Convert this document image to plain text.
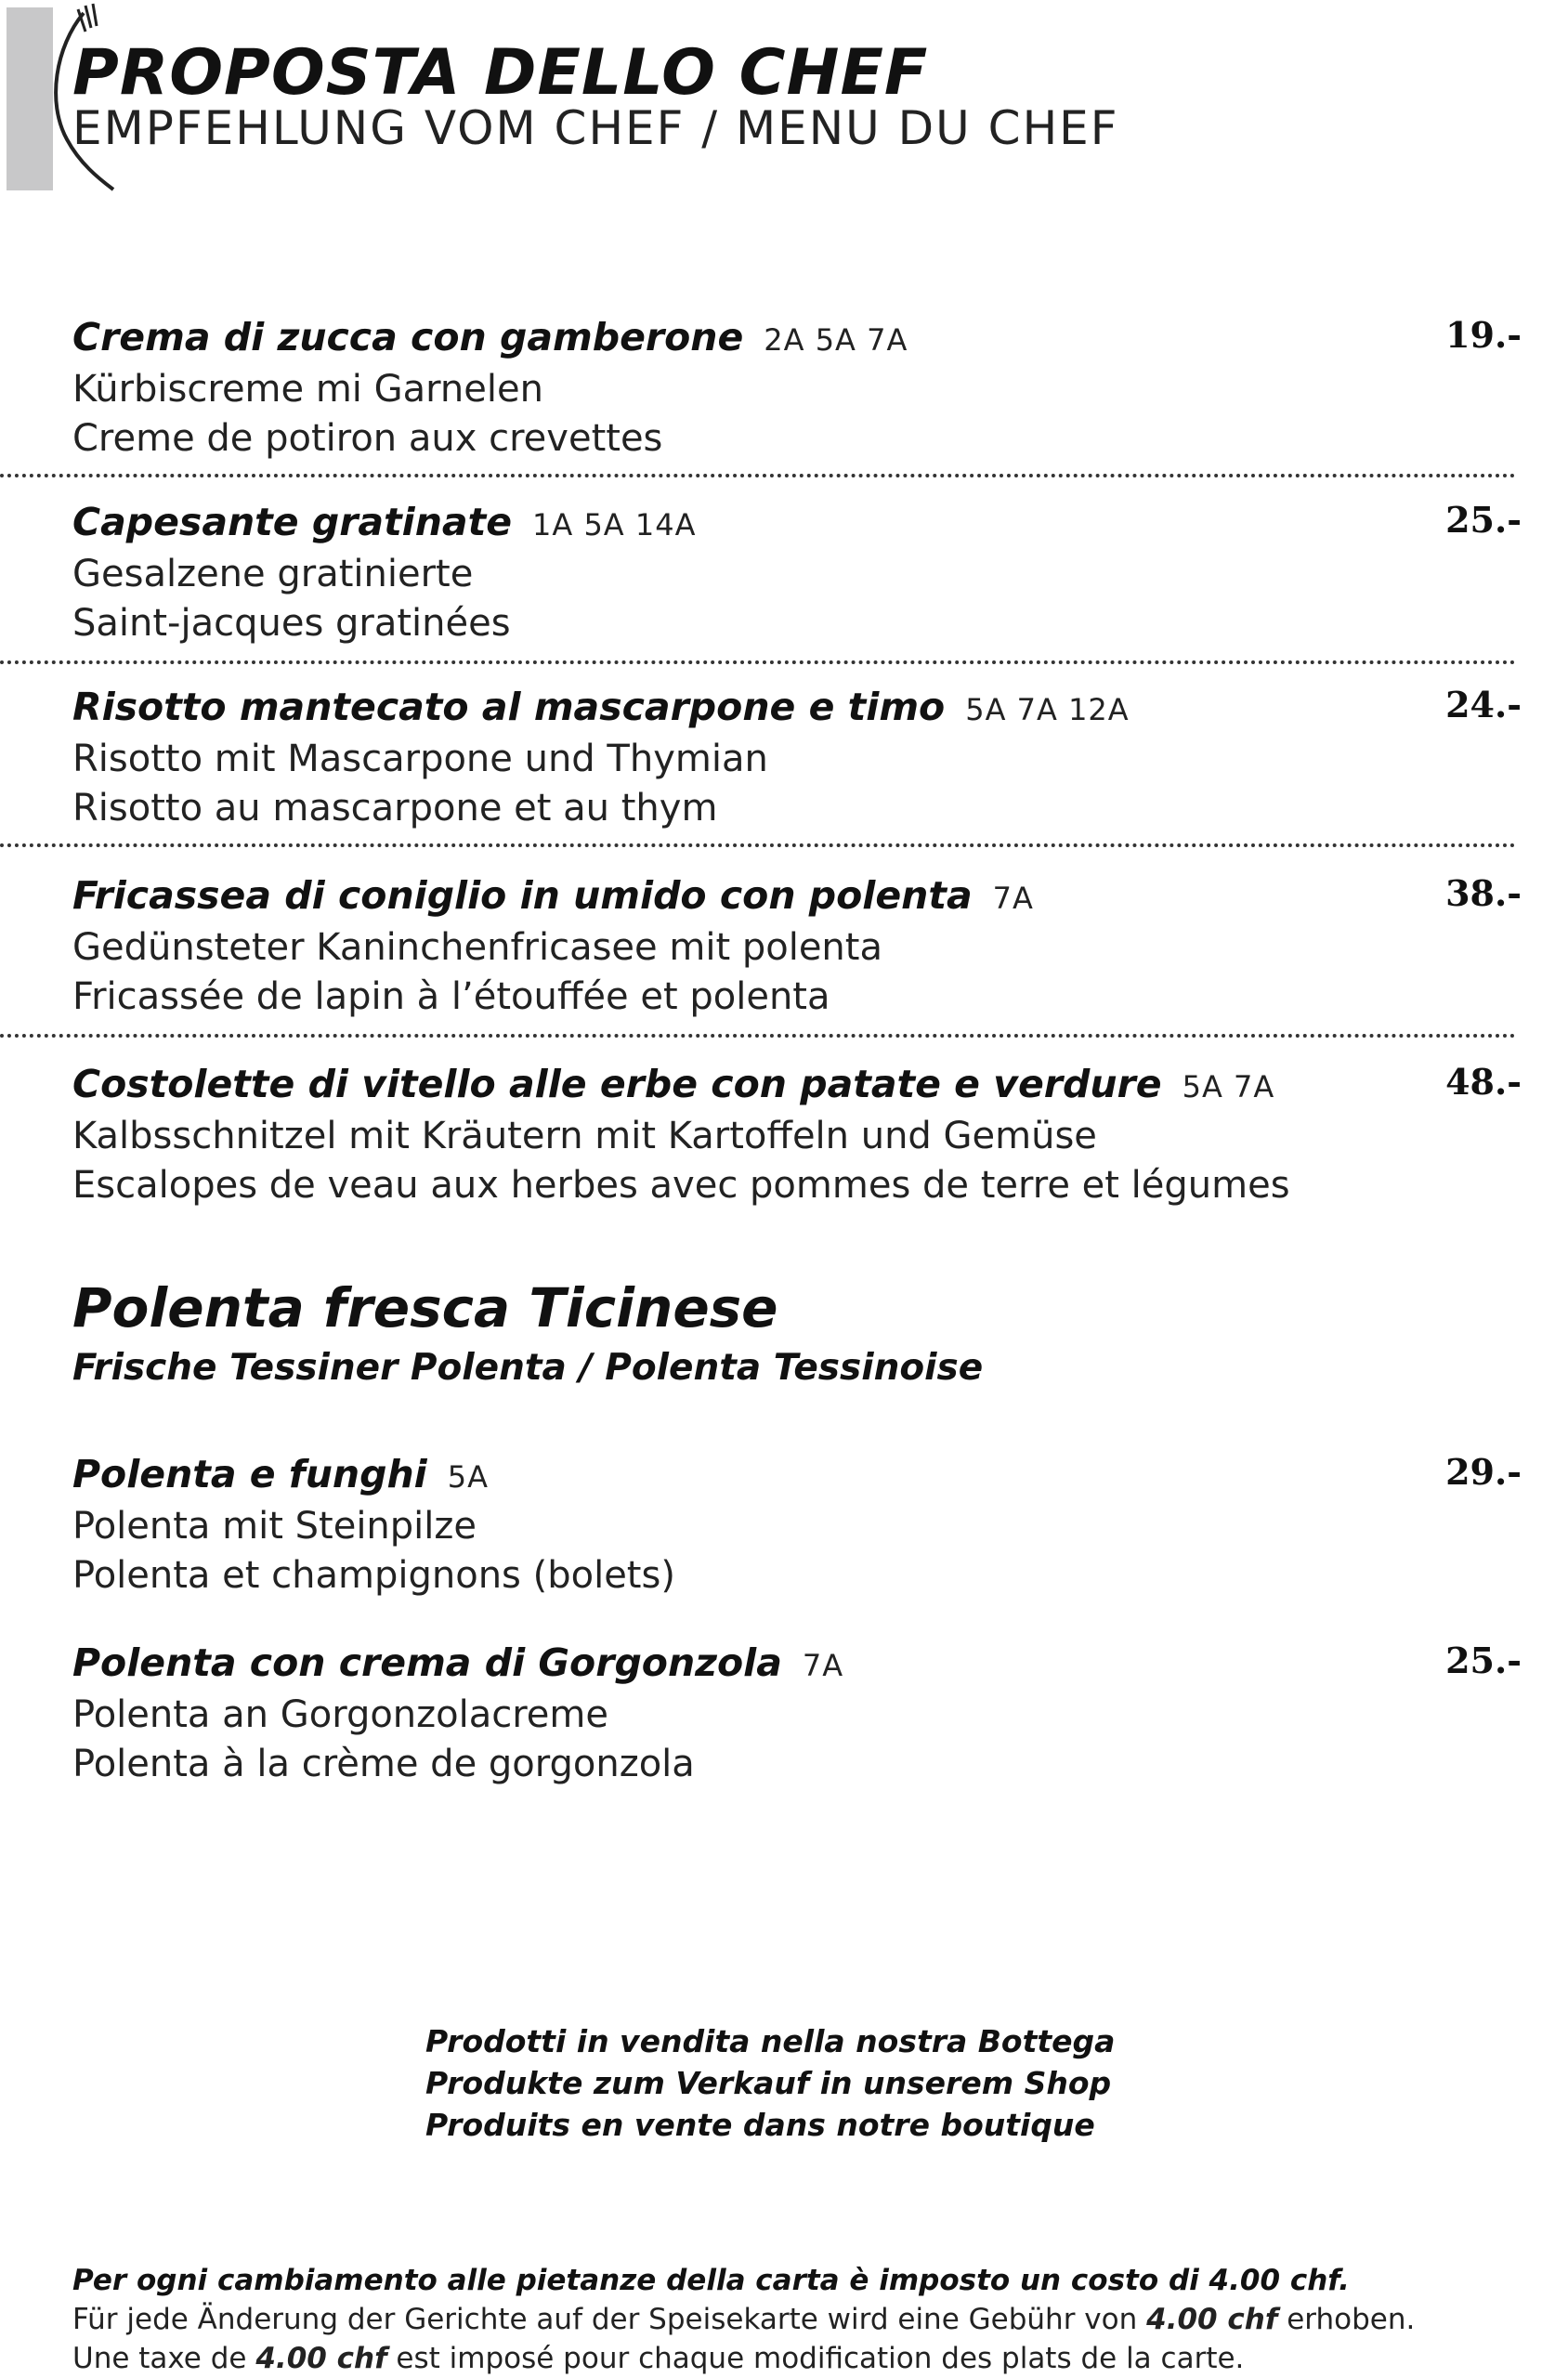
PROPOSTA DELLO CHEF
EMPFEHLUNG VOM CHEF / MENU DU CHEF
Crema di zucca con gamberone 2A 5A 7A
Kürbiscreme mi Garnelen
Creme de potiron aux crevettes
19.-
Capesante gratinate 1A 5A 14A
Gesalzene gratinierte
Saint-jacques gratinées
25.-
Risotto mantecato al mascarpone e timo 5A 7A 12A
Risotto mit Mascarpone und Thymian
Risotto au mascarpone et au thym
24.-
Fricassea di coniglio in umido con polenta 7A
Gedünsteter Kaninchenfricasee mit polenta
Fricassée de lapin à l’étouffée et polenta
38.-
Costolette di vitello alle erbe con patate e verdure 5A 7A
Kalbsschnitzel mit Kräutern mit Kartoffeln und Gemüse
Escalopes de veau aux herbes avec pommes de terre et légumes
48.-
Polenta fresca Ticinese
Frische Tessiner Polenta / Polenta Tessinoise
Polenta e funghi 5A
Polenta mit Steinpilze
Polenta et champignons (bolets)
29.-
Polenta con crema di Gorgonzola 7A
Polenta an Gorgonzolacreme
Polenta à la crème de gorgonzola
25.-
Prodotti in vendita nella nostra Bottega
Produkte zum Verkauf in unserem Shop
Produits en vente dans notre boutique
Per ogni cambiamento alle pietanze della carta è imposto un costo di 4.00 chf.
Für jede Änderung der Gerichte auf der Speisekarte wird eine Gebühr von 4.00 chf erhoben.
Une taxe de 4.00 chf est imposé pour chaque modification des plats de la carte.
